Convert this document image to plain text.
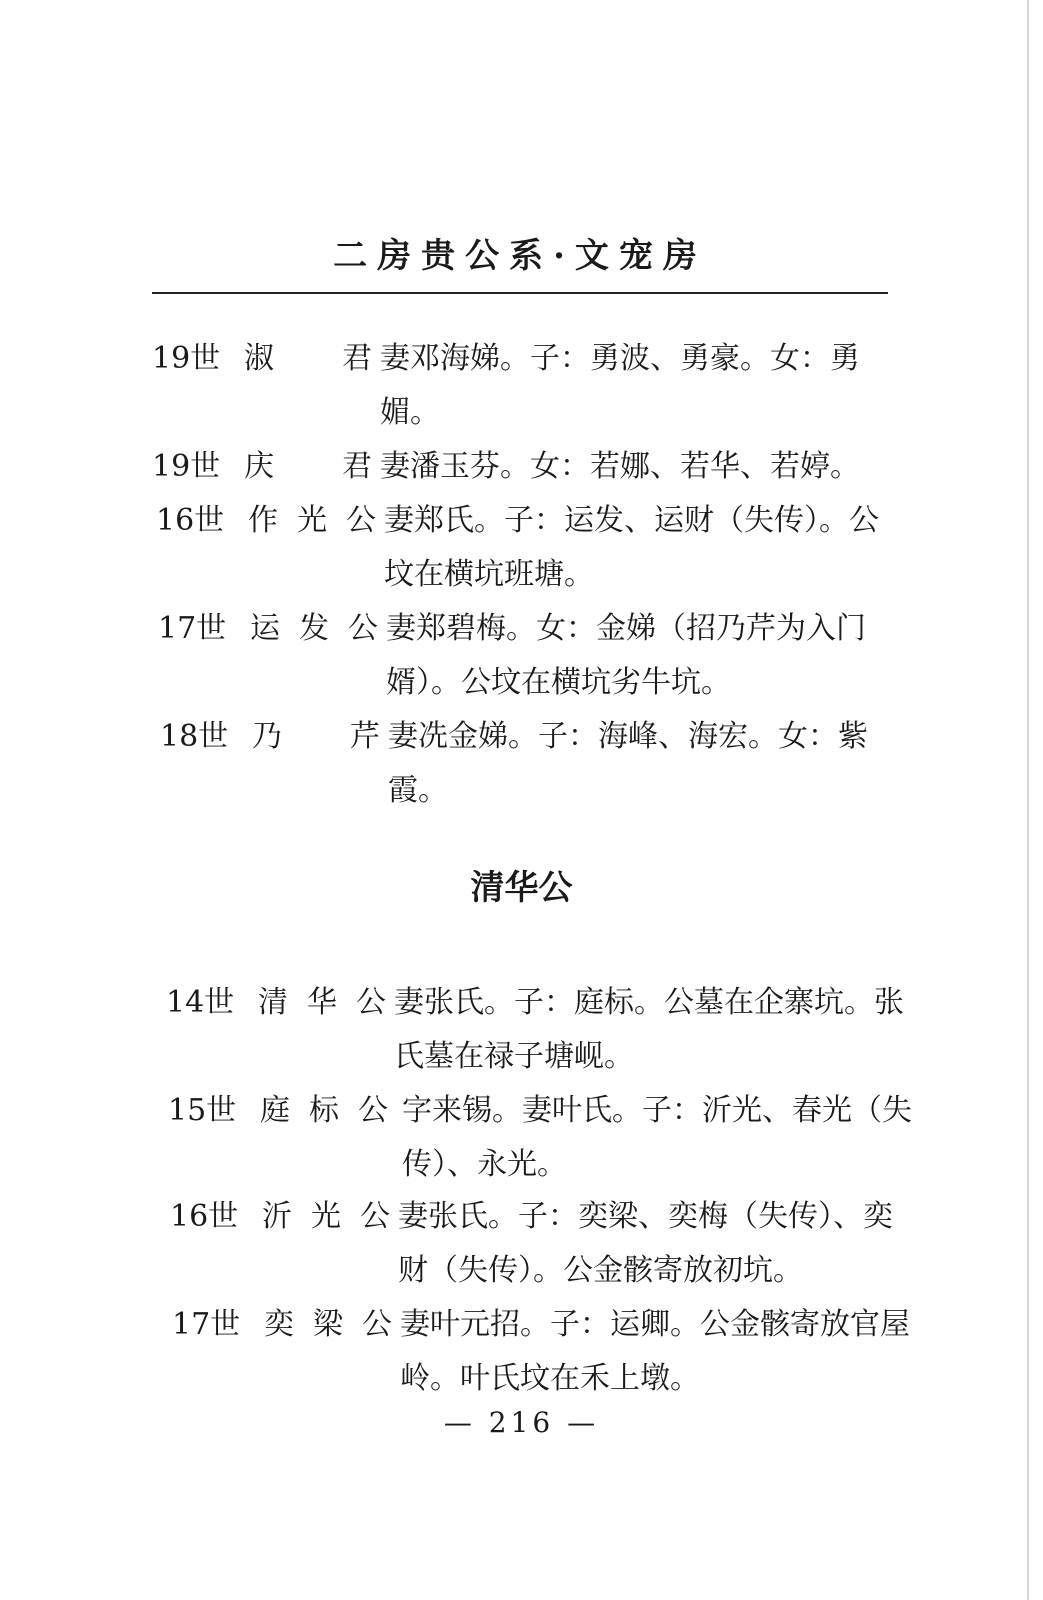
二房贵公系·文宠房
19世 淑 君 妻邓海娣。子：勇波、勇豪。女：勇媚。
19世 庆 君 妻潘玉芬。女：若娜、若华、若婷。
16世 作光公 妻郑氏。子：运发、运财（失传）。公坟在横坑班塘。
17世 运发公 妻郑碧梅。女：金娣（招乃芹为入门婿）。公坟在横坑劣牛坑。
18世 乃 芹 妻冼金娣。子：海峰、海宏。女：紫霞。
清华公
14世 清华公 妻张氏。子：庭标。公墓在企寨坑。张氏墓在禄子塘岘。
15世 庭标公 字来锡。妻叶氏。子：沂光、春光（失传）、永光。
16世 沂光公 妻张氏。子：奕梁、奕梅（失传）、奕财（失传）。公金骸寄放初坑。
17世 奕梁公 妻叶元招。子：运卿。公金骸寄放官屋岭。叶氏坟在禾上墩。
— 216 —
